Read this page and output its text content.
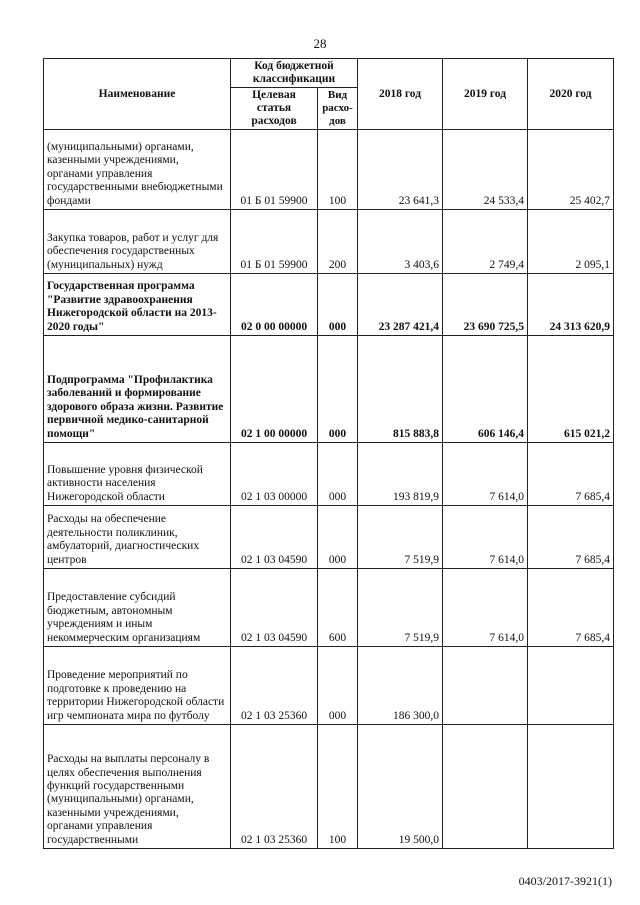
28
Наименование	Код бюджетной классификации		2018 год	2019 год	2020 год
	Целевая статья расходов	Вид расхо-дов			
(муниципальными) органами, казенными учреждениями, органами управления государственными внебюджетными фондами	01 Б 01 59900	100	23 641,3	24 533,4	25 402,7
Закупка товаров, работ и услуг для обеспечения государственных (муниципальных) нужд	01 Б 01 59900	200	3 403,6	2 749,4	2 095,1
Государственная программа "Развитие здравоохранения Нижегородской области на 2013-2020 годы"	02 0 00 00000	000	23 287 421,4	23 690 725,5	24 313 620,9
Подпрограмма "Профилактика заболеваний и формирование здорового образа жизни. Развитие первичной медико-санитарной помощи"	02 1 00 00000	000	815 883,8	606 146,4	615 021,2
Повышение уровня физической активности населения Нижегородской области	02 1 03 00000	000	193 819,9	7 614,0	7 685,4
Расходы на обеспечение деятельности поликлиник, амбулаторий, диагностических центров	02 1 03 04590	000	7 519,9	7 614,0	7 685,4
Предоставление субсидий бюджетным, автономным учреждениям и иным некоммерческим организациям	02 1 03 04590	600	7 519,9	7 614,0	7 685,4
Проведение мероприятий по подготовке к проведению на территории Нижегородской области игр чемпионата мира по футболу	02 1 03 25360	000	186 300,0		
Расходы на выплаты персоналу в целях обеспечения выполнения функций государственными (муниципальными) органами, казенными учреждениями, органами управления государственными	02 1 03 25360	100	19 500,0		
0403/2017-3921(1)
